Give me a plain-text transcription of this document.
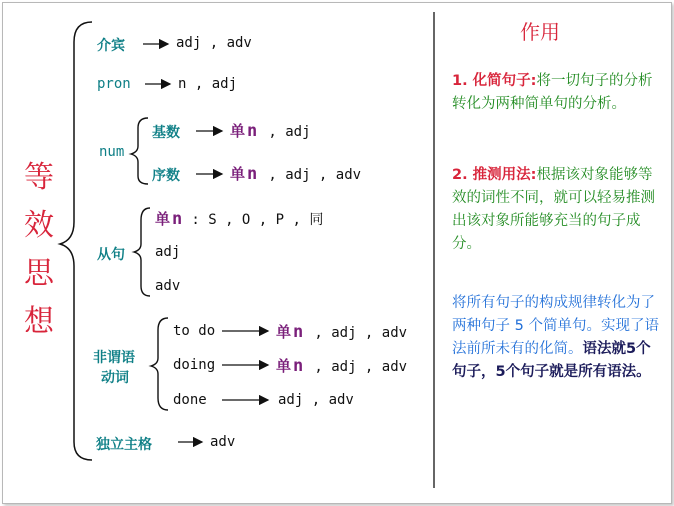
等
效
思
想
介宾	adj , adv
pron	n , adj
num
基数	单 n , adj
序数	单 n , adj , adv
从句
单 n : S , O , P , 同
adj
adv
非谓语
动词
to do	单 n , adj , adv
doing	单 n , adj , adv
done	adj , adv
独立主格	adv
作用
1. 化简句子:将一切句子的分析转化为两种简单句的分析。
2. 推测用法:根据该对象能够等效的词性不同，就可以轻易推测出该对象所能够充当的句子成分。
将所有句子的构成规律转化为了两种句子 5 个简单句。实现了语法前所未有的化简。语法就5个句子，5个句子就是所有语法。
